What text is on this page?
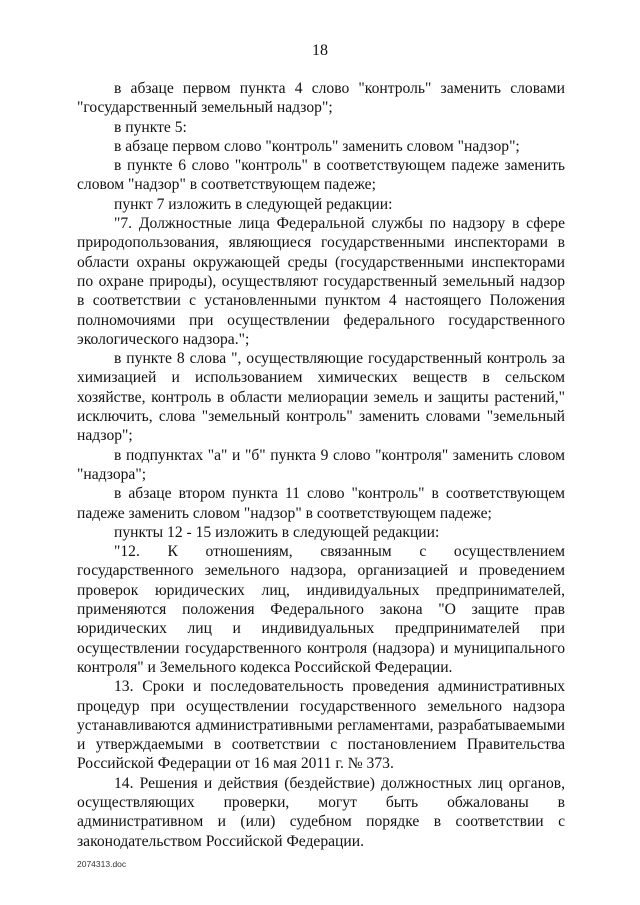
18

в абзаце первом пункта 4 слово "контроль" заменить словами "государственный земельный надзор";

в пункте 5:

в абзаце первом слово "контроль" заменить словом "надзор";

в пункте 6 слово "контроль" в соответствующем падеже заменить словом "надзор" в соответствующем падеже;

пункт 7 изложить в следующей редакции:

"7. Должностные лица Федеральной службы по надзору в сфере природопользования, являющиеся государственными инспекторами в области охраны окружающей среды (государственными инспекторами по охране природы), осуществляют государственный земельный надзор в соответствии с установленными пунктом 4 настоящего Положения полномочиями при осуществлении федерального государственного экологического надзора.";

в пункте 8 слова ", осуществляющие государственный контроль за химизацией и использованием химических веществ в сельском хозяйстве, контроль в области мелиорации земель и защиты растений," исключить, слова "земельный контроль" заменить словами "земельный надзор";

в подпунктах "а" и "б" пункта 9 слово "контроля" заменить словом "надзора";

в абзаце втором пункта 11 слово "контроль" в соответствующем падеже заменить словом "надзор" в соответствующем падеже;

пункты 12 - 15 изложить в следующей редакции:

"12. К отношениям, связанным с осуществлением государственного земельного надзора, организацией и проведением проверок юридических лиц, индивидуальных предпринимателей, применяются положения Федерального закона "О защите прав юридических лиц и индивидуальных предпринимателей при осуществлении государственного контроля (надзора) и муниципального контроля" и Земельного кодекса Российской Федерации.

13. Сроки и последовательность проведения административных процедур при осуществлении государственного земельного надзора устанавливаются административными регламентами, разрабатываемыми и утверждаемыми в соответствии с постановлением Правительства Российской Федерации от 16 мая 2011 г. № 373.

14. Решения и действия (бездействие) должностных лиц органов, осуществляющих проверки, могут быть обжалованы в административном и (или) судебном порядке в соответствии с законодательством Российской Федерации.

2074313.doc
